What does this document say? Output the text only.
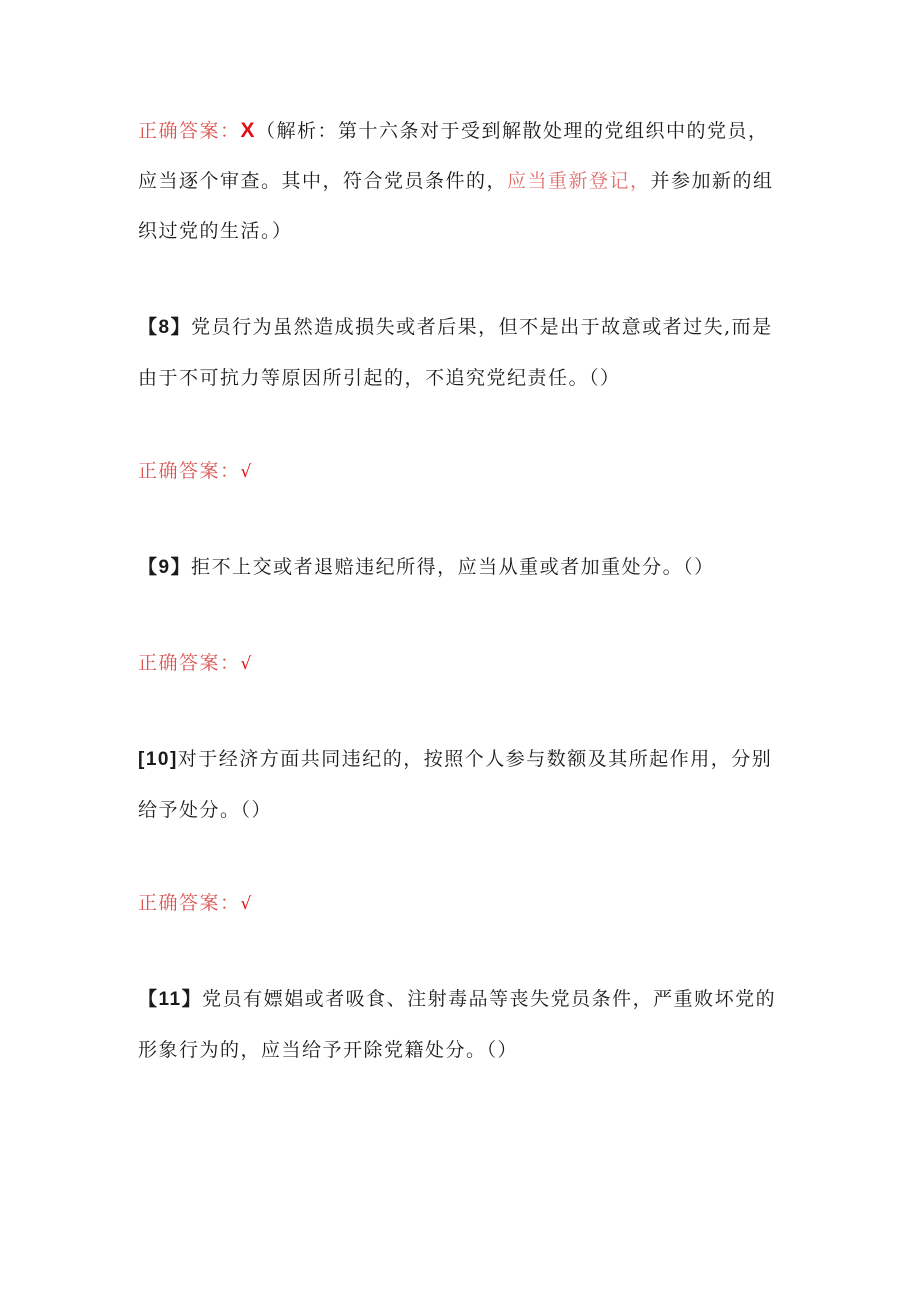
正确答案：X（解析：第十六条对于受到解散处理的党组织中的党员，应当逐个审查。其中，符合党员条件的，应当重新登记，并参加新的组织过党的生活。）
【8】党员行为虽然造成损失或者后果，但不是出于故意或者过失,而是由于不可抗力等原因所引起的，不追究党纪责任。（）
正确答案：√
【9】拒不上交或者退赔违纪所得，应当从重或者加重处分。（）
正确答案：√
[10]对于经济方面共同违纪的，按照个人参与数额及其所起作用，分别给予处分。（）
正确答案：√
【11】党员有嫖娼或者吸食、注射毒品等丧失党员条件，严重败坏党的形象行为的，应当给予开除党籍处分。（）
